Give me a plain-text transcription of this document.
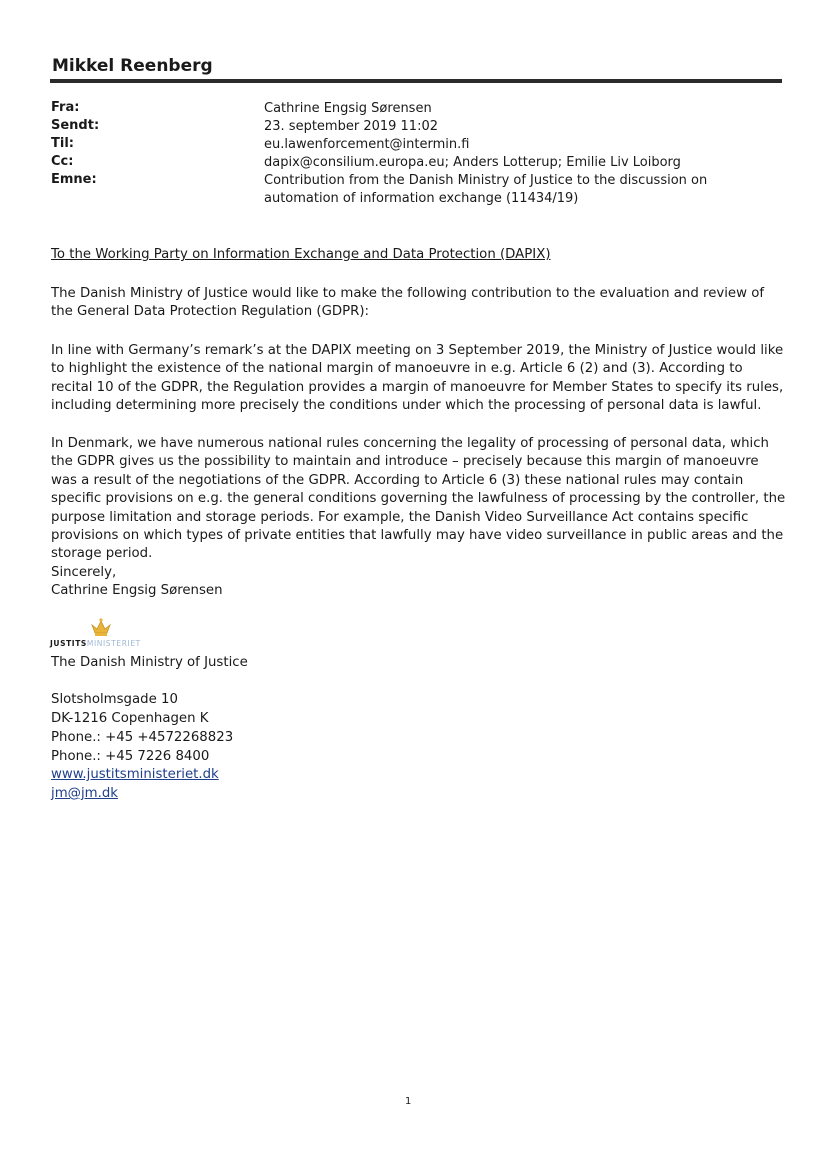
Mikkel Reenberg
Fra:	Cathrine Engsig Sørensen
Sendt:	23. september 2019 11:02
Til:	eu.lawenforcement@intermin.fi
Cc:	dapix@consilium.europa.eu; Anders Lotterup; Emilie Liv Loiborg
Emne:	Contribution from the Danish Ministry of Justice to the discussion on automation of information exchange (11434/19)
To the Working Party on Information Exchange and Data Protection (DAPIX)
The Danish Ministry of Justice would like to make the following contribution to the evaluation and review of the General Data Protection Regulation (GDPR):
In line with Germany’s remark’s at the DAPIX meeting on 3 September 2019, the Ministry of Justice would like to highlight the existence of the national margin of manoeuvre in e.g. Article 6 (2) and (3). According to recital 10 of the GDPR, the Regulation provides a margin of manoeuvre for Member States to specify its rules, including determining more precisely the conditions under which the processing of personal data is lawful.
In Denmark, we have numerous national rules concerning the legality of processing of personal data, which the GDPR gives us the possibility to maintain and introduce – precisely because this margin of manoeuvre was a result of the negotiations of the GDPR. According to Article 6 (3) these national rules may contain specific provisions on e.g. the general conditions governing the lawfulness of processing by the controller, the purpose limitation and storage periods. For example, the Danish Video Surveillance Act contains specific provisions on which types of private entities that lawfully may have video surveillance in public areas and the storage period.
Sincerely,
Cathrine Engsig Sørensen
JUSTITSMINISTERIET
The Danish Ministry of Justice
Slotsholmsgade 10
DK-1216 Copenhagen K
Phone.: +45 +4572268823
Phone.: +45 7226 8400
www.justitsministeriet.dk
jm@jm.dk
1
